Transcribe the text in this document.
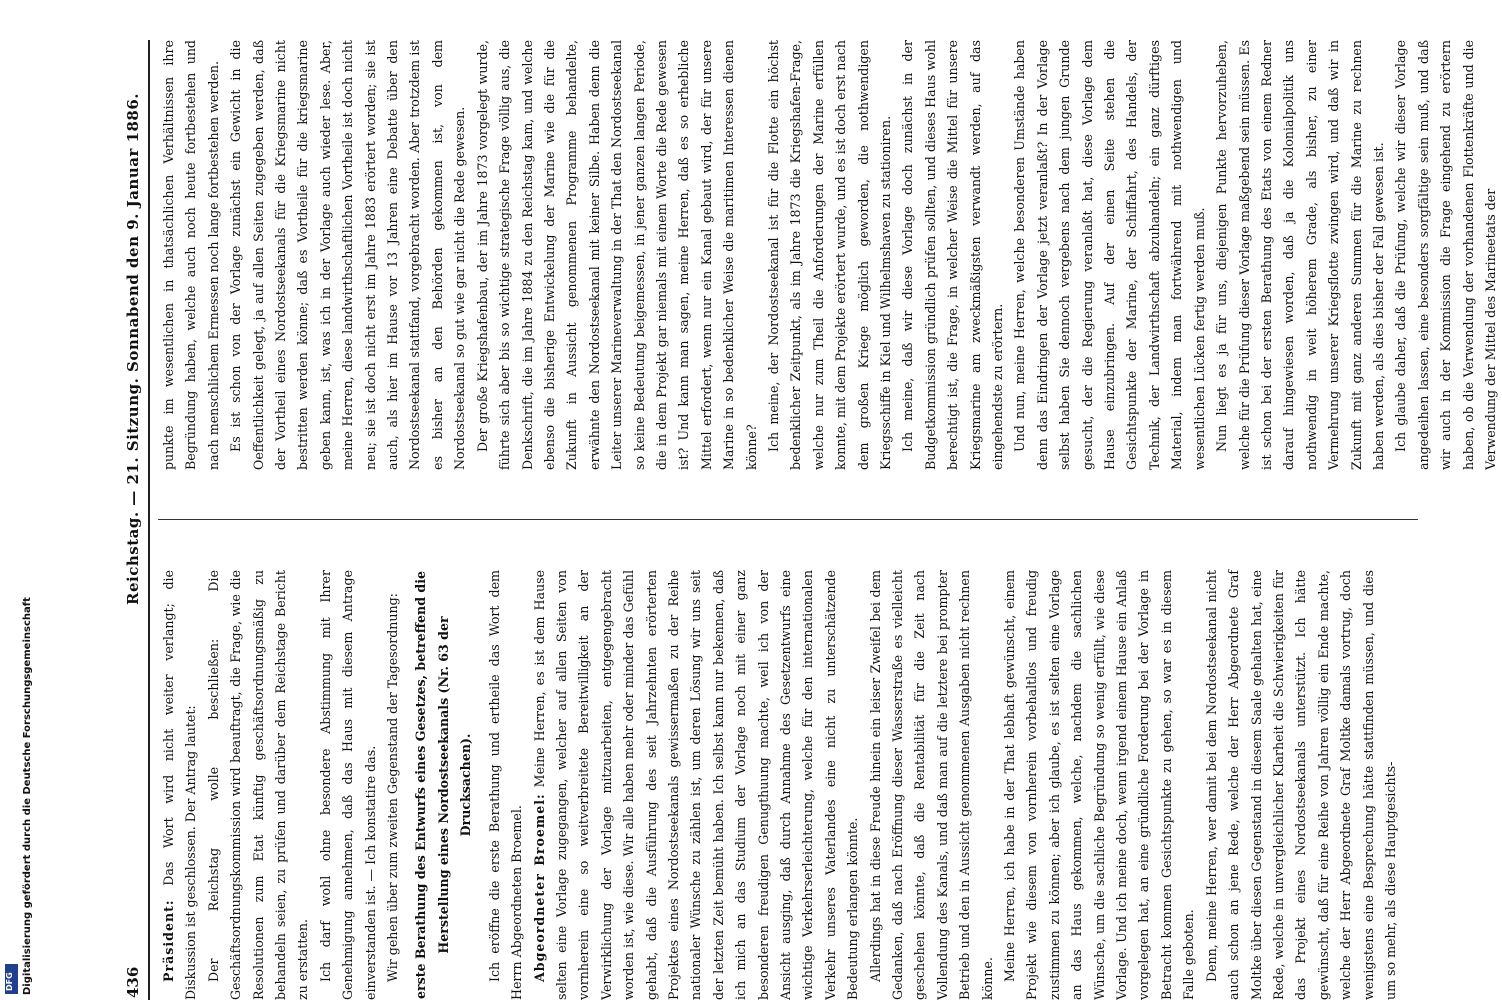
436
Reichstag. — 21. Sitzung. Sonnabend den 9. Januar 1886.

Präsident: Das Wort wird nicht weiter verlangt; die Diskussion ist geschlossen. Der Antrag lautet: Der Reichstag wolle beschließen: Die Geschäftsordnungskommission wird beauftragt, die Frage, wie die Resolutionen zum Etat künftig geschäftsordnungsmäßig zu behandeln seien, zu prüfen und darüber dem Reichstage Bericht zu erstatten. Ich darf wohl ohne besondere Abstimmung mit Ihrer Genehmigung annehmen, daß das Haus mit diesem Antrage einverstanden ist. — Ich konstatire das. Wir gehen über zum zweiten Gegenstand der Tagesordnung:	erste Berathung des Entwurfs eines Gesetzes, betreffend die Herstellung eines Nordostseekanals (Nr. 63 der Drucksachen).	Ich eröffne die erste Berathung und ertheile das Wort dem Herrn Abgeordneten Broemel. Abgeordneter Broemel: Meine Herren, es ist dem Hause selten eine Vorlage zugegangen, welcher auf allen Seiten von vornherein eine so weitverbreitete Bereitwilligkeit an der Verwirklichung der Vorlage mitzuarbeiten, entgegengebracht worden ist, wie diese. Wir alle haben mehr oder minder das Gefühl gehabt, daß die Ausführung des seit Jahrzehnten erörterten Projektes eines Nordostseekanals gewissermaßen zu der Reihe nationaler Wünsche zu zählen ist, um deren Lösung wir uns seit der letzten Zeit bemüht haben. Ich selbst kann nur bekennen, daß ich mich an das Studium der Vorlage noch mit einer ganz besonderen freudigen Genugthuung machte, weil ich von der Ansicht ausging, daß durch Annahme des Gesetzentwurfs eine wichtige Verkehrserleichterung, welche für den internationalen Verkehr unseres Vaterlandes eine nicht zu unterschätzende Bedeutung erlangen könnte. Allerdings hat in diese Freude hinein ein leiser Zweifel bei dem Gedanken, daß nach Eröffnung dieser Wasserstraße es vielleicht geschehen könnte, daß die Rentabilität für die Zeit nach Vollendung des Kanals, und daß man auf die letztere bei prompter Betrieb und den in Aussicht genommenen Ausgaben nicht rechnen könne. Meine Herren, ich habe in der That lebhaft gewünscht, einem Projekt wie diesem von vornherein vorbehaltlos und freudig zustimmen zu können; aber ich glaube, es ist selten eine Vorlage an das Haus gekommen, welche, nachdem die sachlichen Wünsche, um die sachliche Begründung so wenig erfüllt, wie diese Vorlage. Und ich meine doch, wenn irgend einem Hause ein Anlaß vorgelegen hat, an eine gründliche Forderung bei der Vorlage in Betracht kommen Gesichtspunkte zu gehen, so war es in diesem Falle geboten. Denn, meine Herren, wer damit bei dem Nordostseekanal nicht auch schon an jene Rede, welche der Herr Abgeordnete Graf Moltke über diesen Gegenstand in diesem Saale gehalten hat, eine Rede, welche in unvergleichlicher Klarheit die Schwierigkeiten für das Projekt eines Nordostseekanals unterstützt. Ich hätte gewünscht, daß für eine Reihe von Jahren völlig ein Ende machte, welche der Herr Abgeordnete Graf Moltke damals vortrug, doch wenigstens eine Besprechung hätte stattfinden müssen, und dies um so mehr, als diese Hauptgesichts-

punkte im wesentlichen in thatsächlichen Verhältnissen ihre Begründung haben, welche auch noch heute fortbestehen und nach menschlichem Ermessen noch lange fortbestehen werden. Es ist schon von der Vorlage zunächst ein Gewicht in die Oeffentlichkeit gelegt, ja auf allen Seiten zugegeben werden, daß der Vortheil eines Nordostseekanals für die Kriegsmarine nicht bestritten werden könne; daß es Vortheile für die kriegsmarine geben kann, ist, was ich in der Vorlage auch wieder lese. Aber, meine Herren, diese landwirthschaftlichen Vortheile ist doch nicht neu; sie ist doch nicht erst im Jahre 1883 erörtert worden; sie ist auch, als hier im Hause vor 13 Jahren eine Debatte über den Nordostseekanal stattfand, vorgebracht worden. Aber trotzdem ist es bisher an den Behörden gekommen ist, von dem Nordostseekanal so gut wie gar nicht die Rede gewesen. Der große Kriegshafenbau, der im Jahre 1873 vorgelegt wurde, führte sich aber bis so wichtige strategische Frage völlig aus, die Denkschrift, die im Jahre 1884 zu den Reichstag kam, und welche ebenso die bisherige Entwickelung der Marine wie die für die Zukunft in Aussicht genommenen Programme behandelte, erwähnte den Nordostseekanal mit keiner Silbe. Haben denn die Leiter unserer Marineverwaltung in der That den Nordostseekanal so keine Bedeutung beigemessen, in jener ganzen langen Periode, die in dem Projekt gar niemals mit einem Worte die Rede gewesen ist? Und kann man sagen, meine Herren, daß es so erhebliche Mittel erfordert, wenn nur ein Kanal gebaut wird, der für unsere Marine in so bedenklicher Weise die maritimen Interessen dienen könne? Ich meine, der Nordostseekanal ist für die Flotte ein höchst bedenklicher Zeitpunkt, als im Jahre 1873 die Kriegshafen-Frage, welche nur zum Theil die Anforderungen der Marine erfüllen konnte, mit dem Projekte erörtert wurde, und es ist doch erst nach dem großen Kriege möglich geworden, die nothwendigen Kriegsschiffe in Kiel und Wilhelmshaven zu stationiren. Ich meine, daß wir diese Vorlage doch zunächst in der Budgetkommission gründlich prüfen sollten, und dieses Haus wohl berechtigt ist, die Frage, in welcher Weise die Mittel für unsere Kriegsmarine am zweckmäßigsten verwandt werden, auf das eingehendste zu erörtern. Und nun, meine Herren, welche besonderen Umstände haben denn das Eindringen der Vorlage jetzt veranlaßt? In der Vorlage selbst haben Sie dennoch vergebens nach dem jungen Grunde gesucht, der die Regierung veranlaßt hat, diese Vorlage dem Hause einzubringen. Auf der einen Seite stehen die Gesichtspunkte der Marine, der Schiffahrt, des Handels, der Technik, der Landwirthschaft abzuhandeln; ein ganz dürftiges Material, indem man fortwährend mit nothwendigen und wesentlichen Lücken fertig werden muß. Nun liegt es ja für uns, diejenigen Punkte hervorzuheben, welche für die Prüfung dieser Vorlage maßgebend sein müssen. Es ist schon bei der ersten Berathung des Etats von einem Redner darauf hingewiesen worden, daß ja die Kolonialpolitik uns nothwendig in weit höherem Grade, als bisher, zu einer Vermehrung unserer Kriegsflotte zwingen wird, und daß wir in Zukunft mit ganz anderen Summen für die Marine zu rechnen haben werden, als dies bisher der Fall gewesen ist. Ich glaube daher, daß die Prüfung, welche wir dieser Vorlage angedeihen lassen, eine besonders sorgfältige sein muß, und daß wir auch in der Kommission die Frage eingehend zu erörtern haben, ob die Verwendung der vorhandenen Flottenkräfte und die Verwendung der Mittel des Marineetats der

Digitalisierung gefördert durch die Deutsche Forschungsgemeinschaft
DFG
